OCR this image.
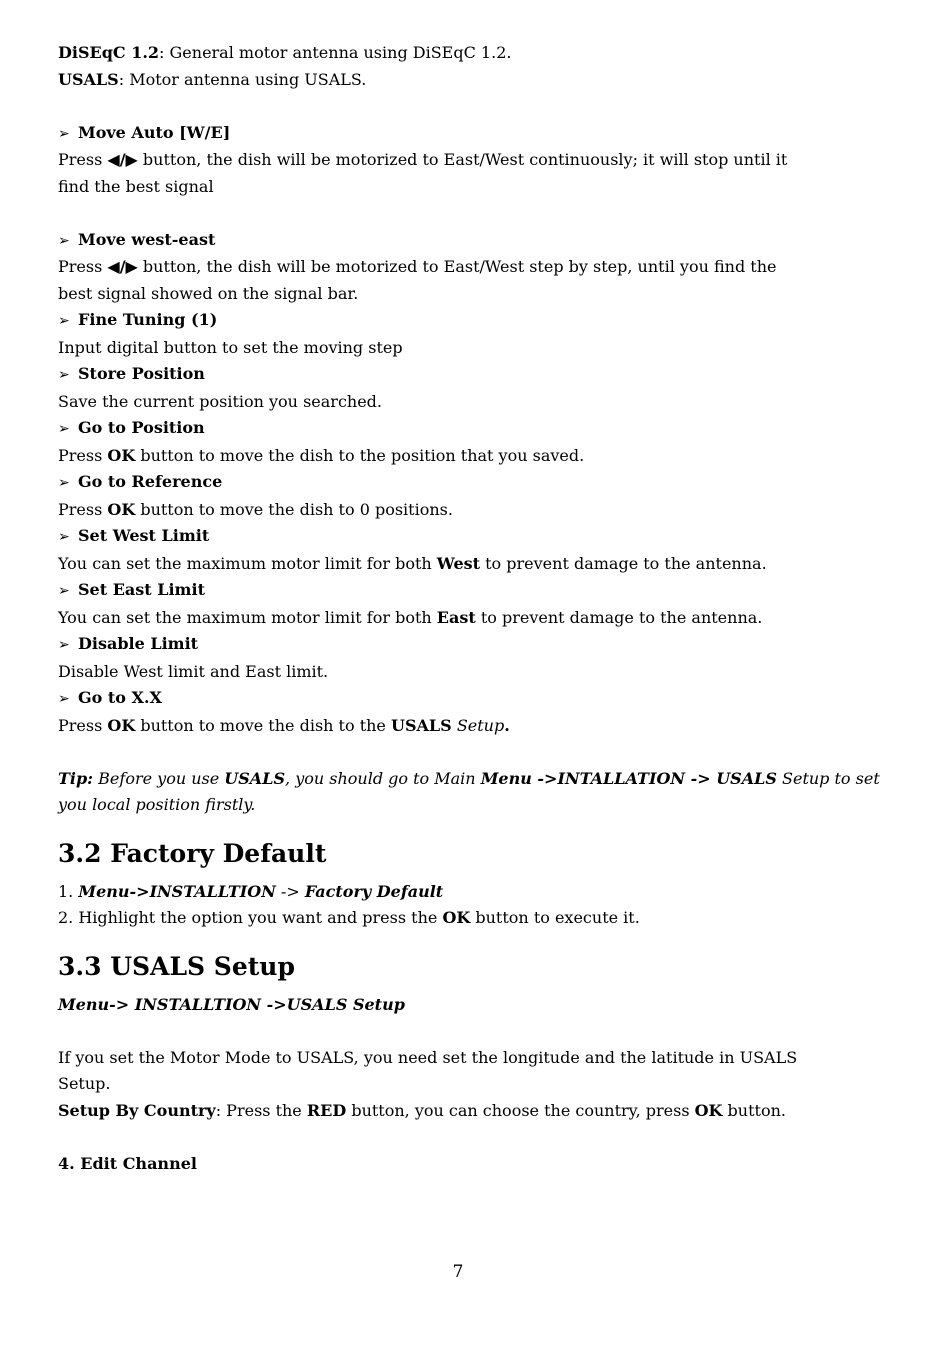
DiSEqC 1.2: General motor antenna using DiSEqC 1.2.
USALS: Motor antenna using USALS.
➢ Move Auto [W/E]
Press ◀/▶ button, the dish will be motorized to East/West continuously; it will stop until it
find the best signal
➢ Move west-east
Press ◀/▶ button, the dish will be motorized to East/West step by step, until you find the
best signal showed on the signal bar.
➢ Fine Tuning (1)
Input digital button to set the moving step
➢ Store Position
Save the current position you searched.
➢ Go to Position
Press OK button to move the dish to the position that you saved.
➢ Go to Reference
Press OK button to move the dish to 0 positions.
➢ Set West Limit
You can set the maximum motor limit for both West to prevent damage to the antenna.
➢ Set East Limit
You can set the maximum motor limit for both East to prevent damage to the antenna.
➢ Disable Limit
Disable West limit and East limit.
➢ Go to X.X
Press OK button to move the dish to the USALS Setup.
Tip: Before you use USALS, you should go to Main Menu ->INTALLATION -> USALS Setup to set
you local position firstly.
3.2 Factory Default
1. Menu->INSTALLTION -> Factory Default
2. Highlight the option you want and press the OK button to execute it.
3.3 USALS Setup
Menu-> INSTALLTION ->USALS Setup
If you set the Motor Mode to USALS, you need set the longitude and the latitude in USALS
Setup.
Setup By Country: Press the RED button, you can choose the country, press OK button.
4. Edit Channel
7
